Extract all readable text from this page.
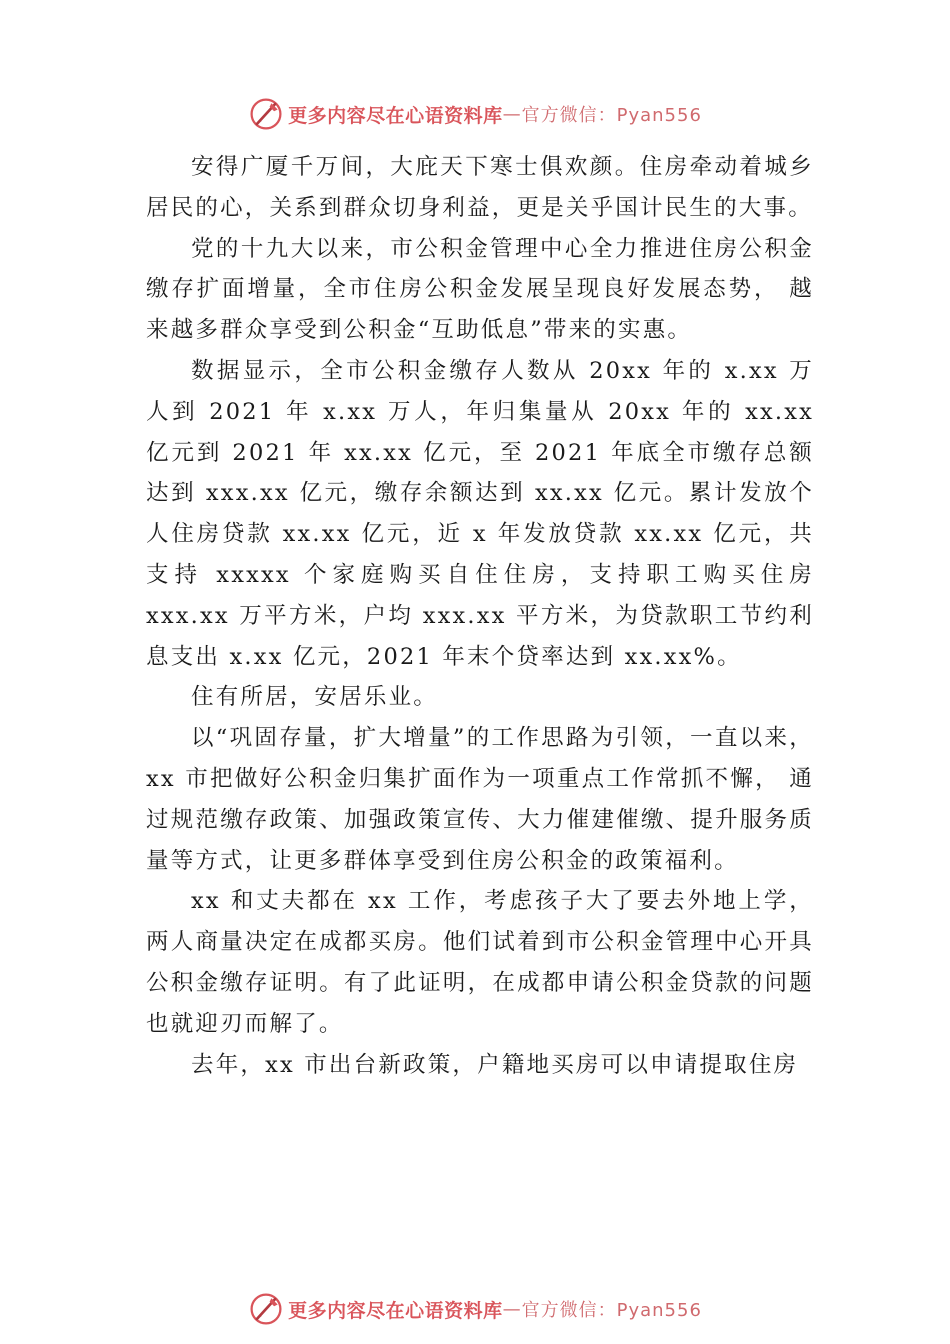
更多内容尽在心语资料库 — 官方微信：Pyan556

安得广厦千万间，大庇天下寒士俱欢颜。住房牵动着城乡居民的心，关系到群众切身利益，更是关乎国计民生的大事。

党的十九大以来，市公积金管理中心全力推进住房公积金缴存扩面增量，全市住房公积金发展呈现良好发展态势， 越来越多群众享受到公积金“互助低息”带来的实惠。

数据显示，全市公积金缴存人数从 20xx 年的 x.xx 万人到 2021 年 x.xx 万人，年归集量从 20xx 年的 xx.xx 亿元到 2021 年 xx.xx 亿元，至 2021 年底全市缴存总额达到 xxx.xx 亿元，缴存余额达到 xx.xx 亿元。累计发放个人住房贷款 xx.xx 亿元，近 x 年发放贷款 xx.xx 亿元，共支持 xxxxx 个家庭购买自住住房，支持职工购买住房 xxx.xx 万平方米，户均 xxx.xx 平方米，为贷款职工节约利息支出 x.xx 亿元，2021 年末个贷率达到 xx.xx%。

住有所居，安居乐业。

以“巩固存量，扩大增量”的工作思路为引领，一直以来，xx 市把做好公积金归集扩面作为一项重点工作常抓不懈， 通过规范缴存政策、加强政策宣传、大力催建催缴、提升服务质量等方式，让更多群体享受到住房公积金的政策福利。

xx 和丈夫都在 xx 工作，考虑孩子大了要去外地上学，两人商量决定在成都买房。他们试着到市公积金管理中心开具公积金缴存证明。有了此证明，在成都申请公积金贷款的问题也就迎刃而解了。

去年，xx 市出台新政策，户籍地买房可以申请提取住房

更多内容尽在心语资料库 — 官方微信：Pyan556
